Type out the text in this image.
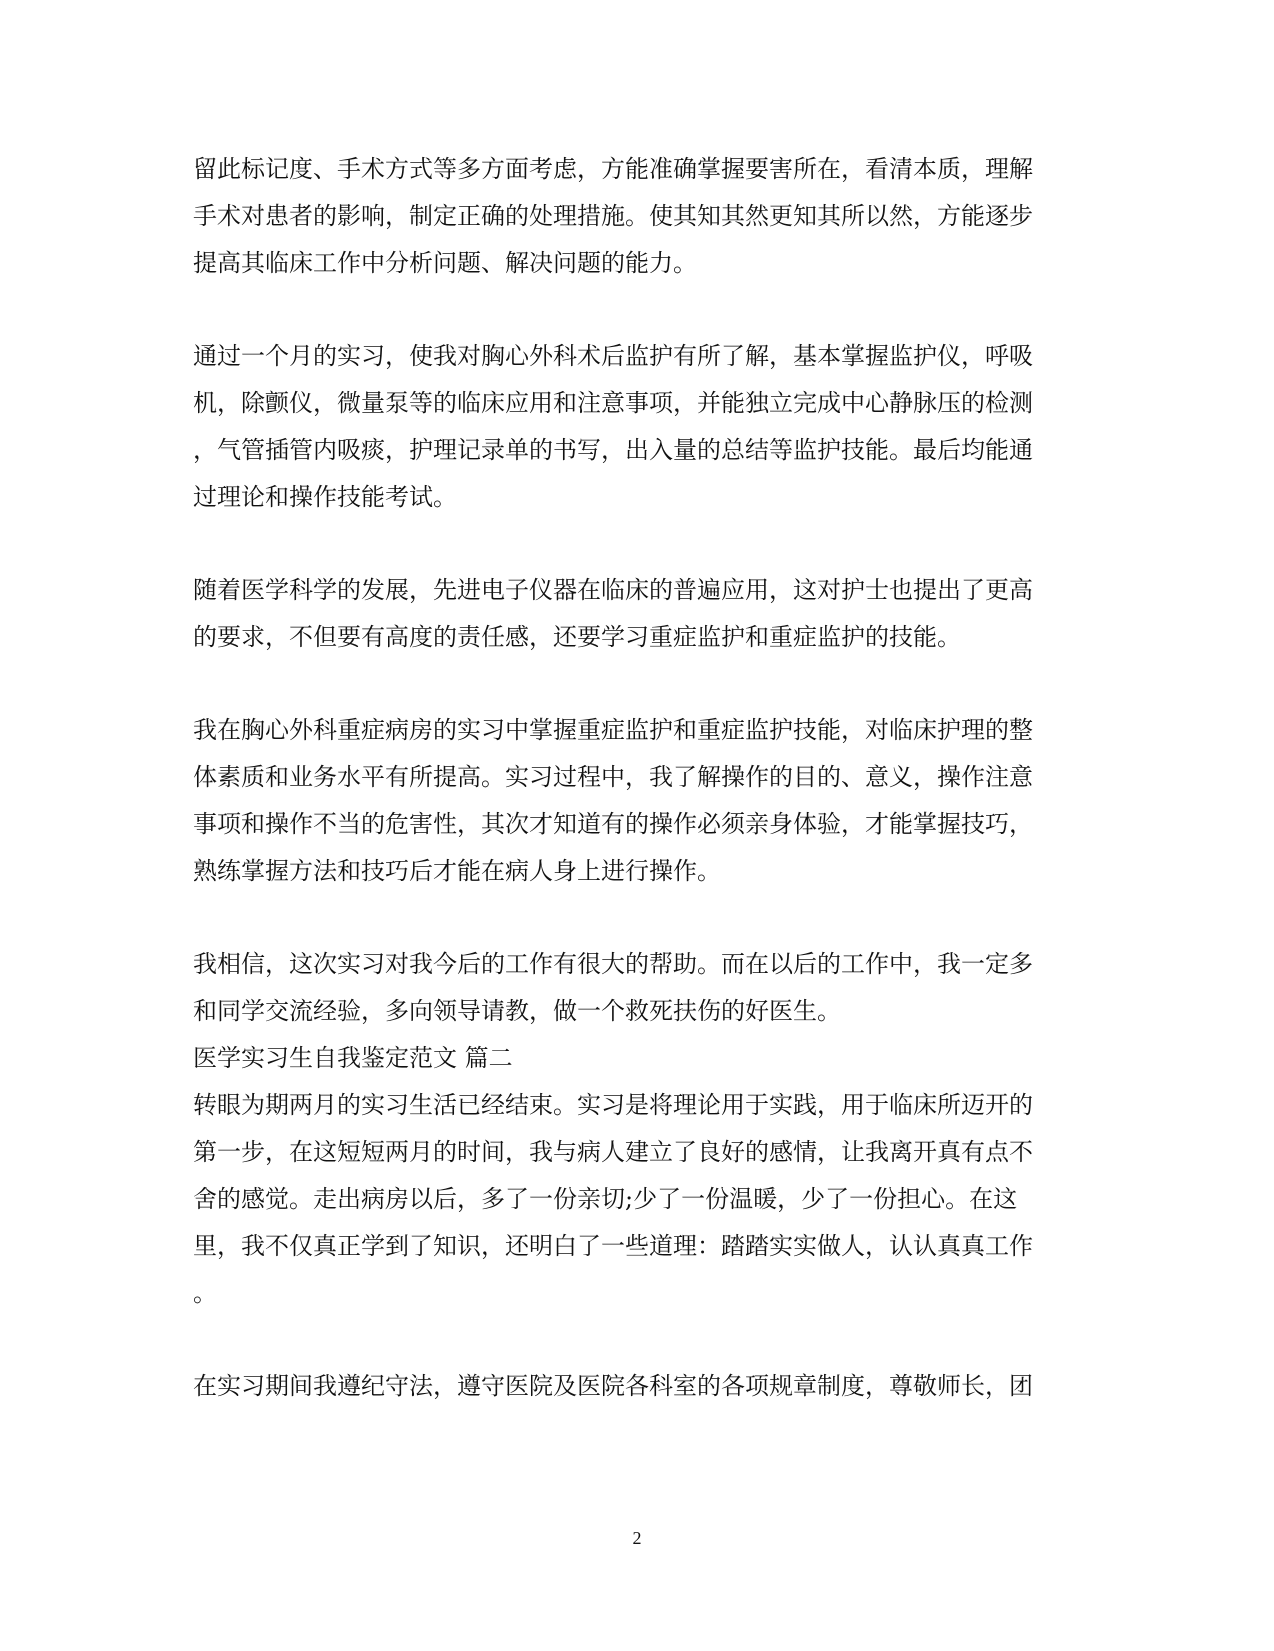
留此标记度、手术方式等多方面考虑，方能准确掌握要害所在，看清本质，理解
手术对患者的影响，制定正确的处理措施。使其知其然更知其所以然，方能逐步
提高其临床工作中分析问题、解决问题的能力。
通过一个月的实习，使我对胸心外科术后监护有所了解，基本掌握监护仪，呼吸
机，除颤仪，微量泵等的临床应用和注意事项，并能独立完成中心静脉压的检测
，气管插管内吸痰，护理记录单的书写，出入量的总结等监护技能。最后均能通
过理论和操作技能考试。
随着医学科学的发展，先进电子仪器在临床的普遍应用，这对护士也提出了更高
的要求，不但要有高度的责任感，还要学习重症监护和重症监护的技能。
我在胸心外科重症病房的实习中掌握重症监护和重症监护技能，对临床护理的整
体素质和业务水平有所提高。实习过程中，我了解操作的目的、意义，操作注意
事项和操作不当的危害性，其次才知道有的操作必须亲身体验，才能掌握技巧，
熟练掌握方法和技巧后才能在病人身上进行操作。
我相信，这次实习对我今后的工作有很大的帮助。而在以后的工作中，我一定多
和同学交流经验，多向领导请教，做一个救死扶伤的好医生。
医学实习生自我鉴定范文 篇二
转眼为期两月的实习生活已经结束。实习是将理论用于实践，用于临床所迈开的
第一步，在这短短两月的时间，我与病人建立了良好的感情，让我离开真有点不
舍的感觉。走出病房以后，多了一份亲切;少了一份温暖，少了一份担心。在这
里，我不仅真正学到了知识，还明白了一些道理：踏踏实实做人，认认真真工作
。
在实习期间我遵纪守法，遵守医院及医院各科室的各项规章制度，尊敬师长，团
2
